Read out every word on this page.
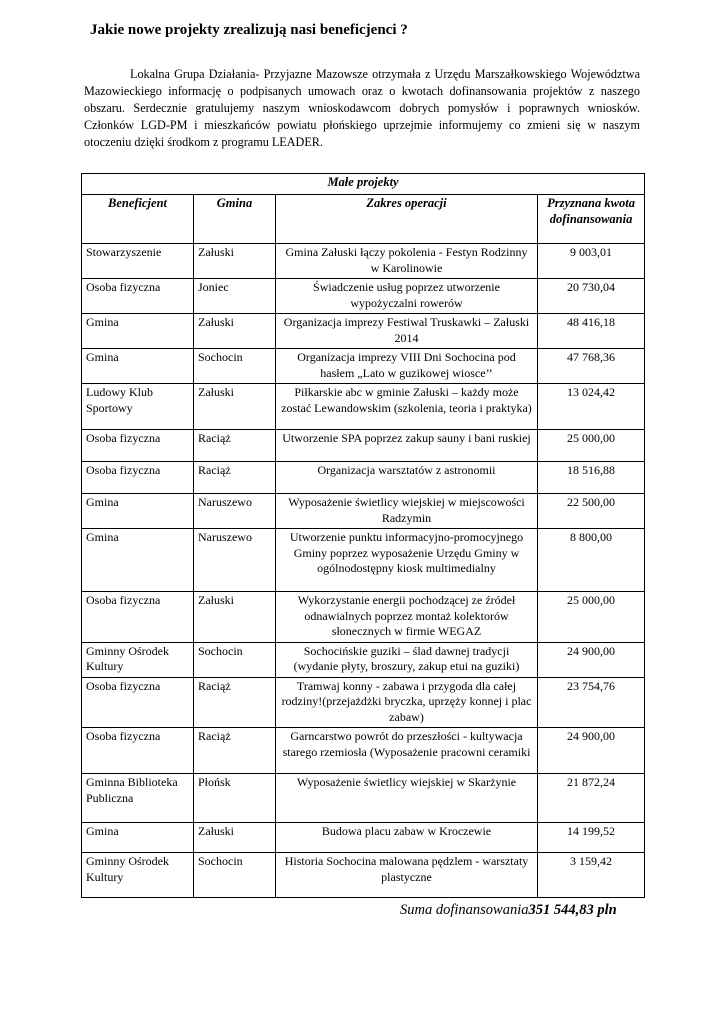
Jakie nowe projekty zrealizują nasi beneficjenci ?

Lokalna Grupa Działania- Przyjazne Mazowsze otrzymała z Urzędu Marszałkowskiego Województwa Mazowieckiego informację o podpisanych umowach oraz o kwotach dofinansowania projektów z naszego obszaru. Serdecznie gratulujemy naszym wnioskodawcom dobrych pomysłów i poprawnych wniosków. Członków LGD-PM i mieszkańców powiatu płońskiego uprzejmie informujemy co zmieni się w naszym otoczeniu dzięki środkom z programu LEADER.

Małe projekty			
Beneficjent	Gmina	Zakres operacji	Przyznana kwota dofinansowania
Stowarzyszenie	Załuski	Gmina Załuski łączy pokolenia - Festyn Rodzinny w Karolinowie	9 003,01
Osoba fizyczna	Joniec	Świadczenie usług poprzez utworzenie wypożyczalni rowerów	20 730,04
Gmina	Załuski	Organizacja imprezy Festiwal Truskawki – Załuski 2014	48 416,18
Gmina	Sochocin	Organizacja imprezy VIII Dni Sochocina pod hasłem „Lato w guzikowej wiosce’’	47 768,36
Ludowy Klub Sportowy	Załuski	Piłkarskie abc w gminie Załuski – każdy może zostać Lewandowskim (szkolenia, teoria i praktyka)	13 024,42
Osoba fizyczna	Raciąż	Utworzenie SPA poprzez zakup sauny i bani ruskiej	25 000,00
Osoba fizyczna	Raciąż	Organizacja warsztatów z astronomii	18 516,88
Gmina	Naruszewo	Wyposażenie świetlicy wiejskiej w miejscowości Radzymin	22 500,00
Gmina	Naruszewo	Utworzenie punktu informacyjno-promocyjnego Gminy poprzez wyposażenie Urzędu Gminy w ogólnodostępny kiosk multimedialny	8 800,00
Osoba fizyczna	Załuski	Wykorzystanie energii pochodzącej ze źródeł odnawialnych poprzez montaż kolektorów słonecznych w firmie WEGAZ	25 000,00
Gminny Ośrodek Kultury	Sochocin	Sochocińskie guziki – ślad dawnej tradycji (wydanie płyty, broszury, zakup etui na guziki)	24 900,00
Osoba fizyczna	Raciąż	Tramwaj konny - zabawa i przygoda dla całej rodziny!(przejażdżki bryczka, uprzęży konnej i plac zabaw)	23 754,76
Osoba fizyczna	Raciąż	Garncarstwo powrót do przeszłości - kultywacja starego rzemiosła (Wyposażenie pracowni ceramiki	24 900,00
Gminna Biblioteka Publiczna	Płońsk	Wyposażenie świetlicy wiejskiej w Skarżynie	21 872,24
Gmina	Załuski	Budowa placu zabaw w Kroczewie	14 199,52
Gminny Ośrodek Kultury	Sochocin	Historia Sochocina malowana pędzlem - warsztaty plastyczne	3 159,42
Suma dofinansowania351 544,83 pln
